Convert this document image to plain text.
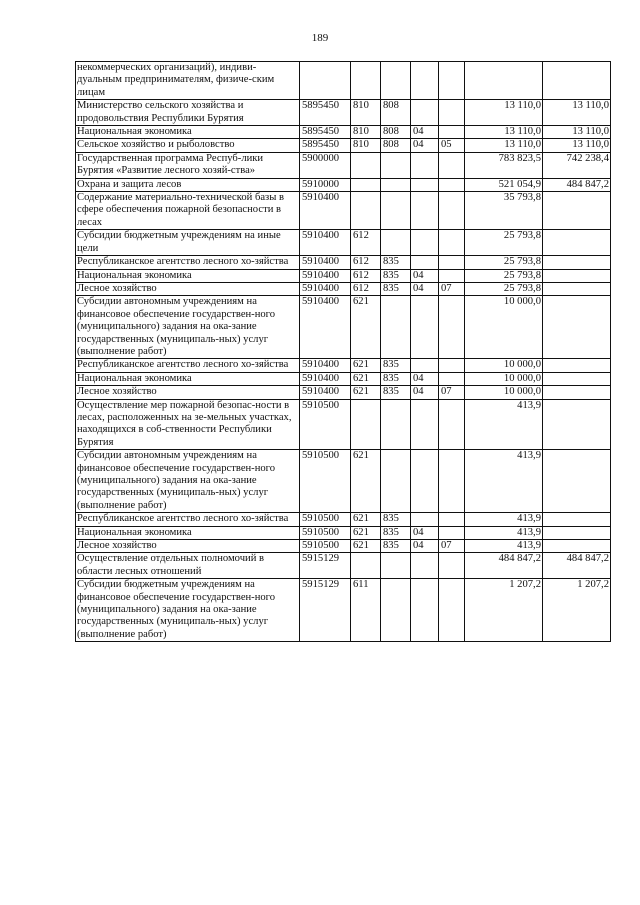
189
некоммерческих организаций), индиви-дуальным предпринимателям, физиче-ским лицам							
Министерство сельского хозяйства и продовольствия Республики Бурятия	5895450	810	808			13 110,0	13 110,0
Национальная экономика	5895450	810	808	04		13 110,0	13 110,0
Сельское хозяйство и рыболовство	5895450	810	808	04	05	13 110,0	13 110,0
Государственная программа Респуб-лики Бурятия «Развитие лесного хозяй-ства»	5900000					783 823,5	742 238,4
Охрана и защита лесов	5910000					521 054,9	484 847,2
Содержание материально-технической базы в сфере обеспечения пожарной безопасности в лесах	5910400					35 793,8	
Субсидии бюджетным учреждениям на иные цели	5910400	612				25 793,8	
Республиканское агентство лесного хо-зяйства	5910400	612	835			25 793,8	
Национальная экономика	5910400	612	835	04		25 793,8	
Лесное хозяйство	5910400	612	835	04	07	25 793,8	
Субсидии автономным учреждениям на финансовое обеспечение государствен-ного (муниципального) задания на ока-зание государственных (муниципаль-ных) услуг (выполнение работ)	5910400	621				10 000,0	
Республиканское агентство лесного хо-зяйства	5910400	621	835			10 000,0	
Национальная экономика	5910400	621	835	04		10 000,0	
Лесное хозяйство	5910400	621	835	04	07	10 000,0	
Осуществление мер пожарной безопас-ности в лесах, расположенных на зе-мельных участках, находящихся в соб-ственности Республики Бурятия	5910500					413,9	
Субсидии автономным учреждениям на финансовое обеспечение государствен-ного (муниципального) задания на ока-зание государственных (муниципаль-ных) услуг (выполнение работ)	5910500	621				413,9	
Республиканское агентство лесного хо-зяйства	5910500	621	835			413,9	
Национальная экономика	5910500	621	835	04		413,9	
Лесное хозяйство	5910500	621	835	04	07	413,9	
Осуществление отдельных полномочий в области лесных отношений	5915129					484 847,2	484 847,2
Субсидии бюджетным учреждениям на финансовое обеспечение государствен-ного (муниципального) задания на ока-зание государственных (муниципаль-ных) услуг (выполнение работ)	5915129	611				1 207,2	1 207,2
